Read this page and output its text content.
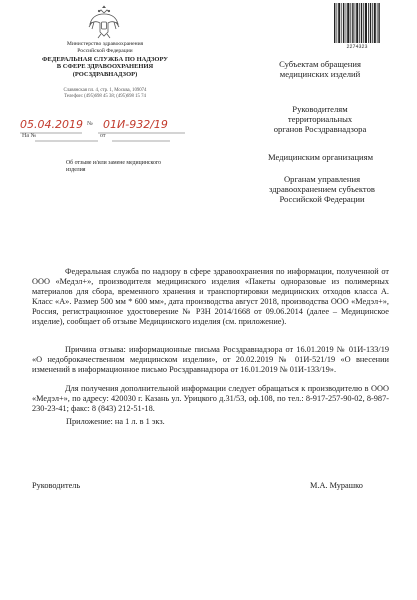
Министерство здравоохранения
Российской Федерации
ФЕДЕРАЛЬНАЯ СЛУЖБА ПО НАДЗОРУ
В СФЕРЕ ЗДРАВООХРАНЕНИЯ
(РОСЗДРАВНАДЗОР)
Славянская пл. 4, стр. 1, Москва, 109074
Телефон: (495)698 45 38; (495)698 15 74
05.04.2019 № 01И-932/19
На №	от
Об отзыве и/или замене медицинского изделия
2274323
Субъектам обращения
медицинских изделий
Руководителям
территориальных
органов Росздравнадзора
Медицинским организациям
Органам управления
здравоохранением субъектов
Российской Федерации

Федеральная служба по надзору в сфере здравоохранения по информации, полученной от ООО «Медэл+», производителя медицинского изделия «Пакеты одноразовые из полимерных материалов для сбора, временного хранения и транспортировки медицинских отходов класса А. Класс «А». Размер 500 мм * 600 мм», дата производства август 2018, производства ООО «Медэл+», Россия, регистрационное удостоверение № РЗН 2014/1668 от 09.06.2014 (далее – Медицинское изделие), сообщает об отзыве Медицинского изделия (см. приложение).

Причина отзыва: информационные письма Росздравнадзора от 16.01.2019 № 01И-133/19 «О недоброкачественном медицинском изделии», от 20.02.2019 № 01И-521/19 «О внесении изменений в информационное письмо Росздравнадзора от 16.01.2019 № 01И-133/19».

Для получения дополнительной информации следует обращаться к производителю в ООО «Медэл+», по адресу: 420030 г. Казань ул. Урицкого д.31/53, оф.108, по тел.: 8-917-257-90-02, 8-987-230-23-41; факс: 8 (843) 212-51-18.

Приложение: на 1 л. в 1 экз.
Руководитель	М.А. Мурашко
